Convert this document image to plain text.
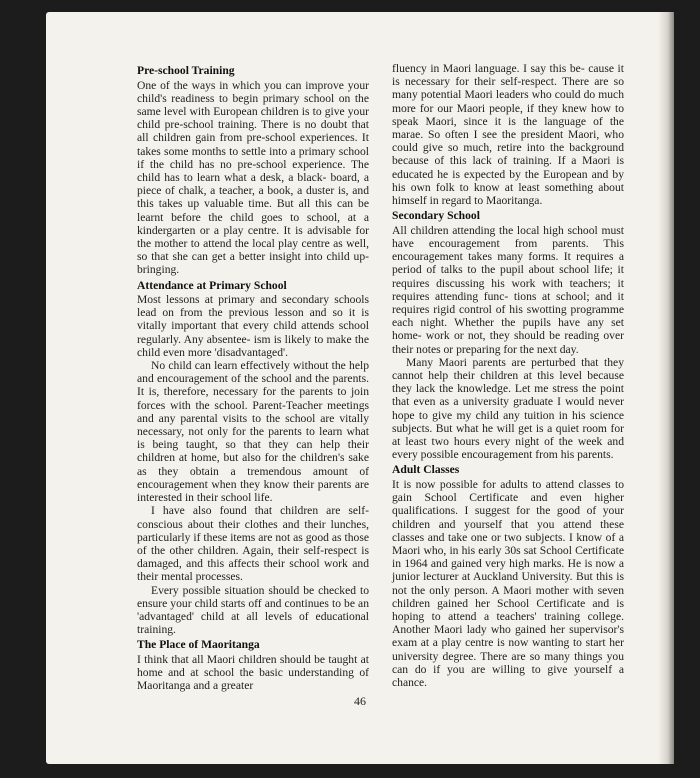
Pre-school Training

One of the ways in which you can improve your child's readiness to begin primary school on the same level with European children is to give your child pre-school training. There is no doubt that all children gain from pre-school experiences. It takes some months to settle into a primary school if the child has no pre-school experience. The child has to learn what a desk, a black- board, a piece of chalk, a teacher, a book, a duster is, and this takes up valuable time. But all this can be learnt before the child goes to school, at a kindergarten or a play centre. It is advisable for the mother to attend the local play centre as well, so that she can get a better insight into child up- bringing.

Attendance at Primary School

Most lessons at primary and secondary schools lead on from the previous lesson and so it is vitally important that every child attends school regularly. Any absentee- ism is likely to make the child even more 'disadvantaged'.

No child can learn effectively without the help and encouragement of the school and the parents. It is, therefore, necessary for the parents to join forces with the school. Parent-Teacher meetings and any parental visits to the school are vitally necessary, not only for the parents to learn what is being taught, so that they can help their children at home, but also for the children's sake as they obtain a tremendous amount of encouragement when they know their parents are interested in their school life.

I have also found that children are self- conscious about their clothes and their lunches, particularly if these items are not as good as those of the other children. Again, their self-respect is damaged, and this affects their school work and their mental processes.

Every possible situation should be checked to ensure your child starts off and continues to be an 'advantaged' child at all levels of educational training.

The Place of Maoritanga

I think that all Maori children should be taught at home and at school the basic understanding of Maoritanga and a greater

fluency in Maori language. I say this be- cause it is necessary for their self-respect. There are so many potential Maori leaders who could do much more for our Maori people, if they knew how to speak Maori, since it is the language of the marae. So often I see the president Maori, who could give so much, retire into the background because of this lack of training. If a Maori is educated he is expected by the European and by his own folk to know at least something about himself in regard to Maoritanga.

Secondary School

All children attending the local high school must have encouragement from parents. This encouragement takes many forms. It requires a period of talks to the pupil about school life; it requires discussing his work with teachers; it requires attending func- tions at school; and it requires rigid control of his swotting programme each night. Whether the pupils have any set home- work or not, they should be reading over their notes or preparing for the next day.

Many Maori parents are perturbed that they cannot help their children at this level because they lack the knowledge. Let me stress the point that even as a university graduate I would never hope to give my child any tuition in his science subjects. But what he will get is a quiet room for at least two hours every night of the week and every possible encouragement from his parents.

Adult Classes

It is now possible for adults to attend classes to gain School Certificate and even higher qualifications. I suggest for the good of your children and yourself that you attend these classes and take one or two subjects. I know of a Maori who, in his early 30s sat School Certificate in 1964 and gained very high marks. He is now a junior lecturer at Auckland University. But this is not the only person. A Maori mother with seven children gained her School Certificate and is hoping to attend a teachers' training college. Another Maori lady who gained her supervisor's exam at a play centre is now wanting to start her university degree. There are so many things you can do if you are willing to give yourself a chance.

46
